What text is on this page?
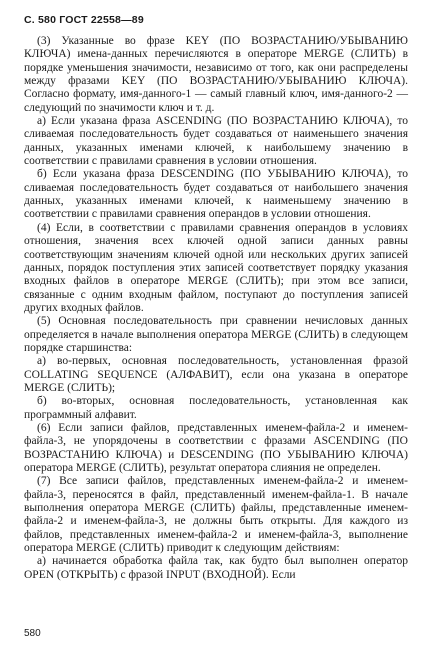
С. 580 ГОСТ 22558—89

(3) Указанные во фразе KEY (ПО ВОЗРАСТАНИЮ/УБЫВАНИЮ КЛЮЧА) имена-данных перечисляются в операторе MERGE (СЛИТЬ) в порядке уменьшения значимости, независимо от того, как они распределены между фразами KEY (ПО ВОЗРАСТАНИЮ/УБЫВАНИЮ КЛЮЧА). Согласно формату, имя-данного-1 — самый главный ключ, имя-данного-2 — следующий по значимости ключ и т. д.

а) Если указана фраза ASCENDING (ПО ВОЗРАСТАНИЮ КЛЮЧА), то сливаемая последовательность будет создаваться от наименьшего значения данных, указанных именами ключей, к наибольшему значению в соответствии с правилами сравнения в условии отношения.

б) Если указана фраза DESCENDING (ПО УБЫВАНИЮ КЛЮЧА), то сливаемая последовательность будет создаваться от наибольшего значения данных, указанных именами ключей, к наименьшему значению в соответствии с правилами сравнения операндов в условии отношения.

(4) Если, в соответствии с правилами сравнения операндов в условиях отношения, значения всех ключей одной записи данных равны соответствующим значениям ключей одной или нескольких других записей данных, порядок поступления этих записей соответствует порядку указания входных файлов в операторе MERGE (СЛИТЬ); при этом все записи, связанные с одним входным файлом, поступают до поступления записей других входных файлов.

(5) Основная последовательность при сравнении нечисловых данных определяется в начале выполнения оператора MERGE (СЛИТЬ) в следующем порядке старшинства:

а) во-первых, основная последовательность, установленная фразой COLLATING SEQUENCE (АЛФАВИТ), если она указана в операторе MERGE (СЛИТЬ);

б) во-вторых, основная последовательность, установленная как программный алфавит.

(6) Если записи файлов, представленных именем-файла-2 и именем-файла-3, не упорядочены в соответствии с фразами ASCENDING (ПО ВОЗРАСТАНИЮ КЛЮЧА) и DESCENDING (ПО УБЫВАНИЮ КЛЮЧА) оператора MERGE (СЛИТЬ), результат оператора слияния не определен.

(7) Все записи файлов, представленных именем-файла-2 и именем-файла-3, переносятся в файл, представленный именем-файла-1. В начале выполнения оператора MERGE (СЛИТЬ) файлы, представленные именем-файла-2 и именем-файла-3, не должны быть открыты. Для каждого из файлов, представленных именем-файла-2 и именем-файла-3, выполнение оператора MERGE (СЛИТЬ) приводит к следующим действиям:

а) начинается обработка файла так, как будто был выполнен оператор OPEN (ОТКРЫТЬ) с фразой INPUT (ВХОДНОЙ). Если

580
